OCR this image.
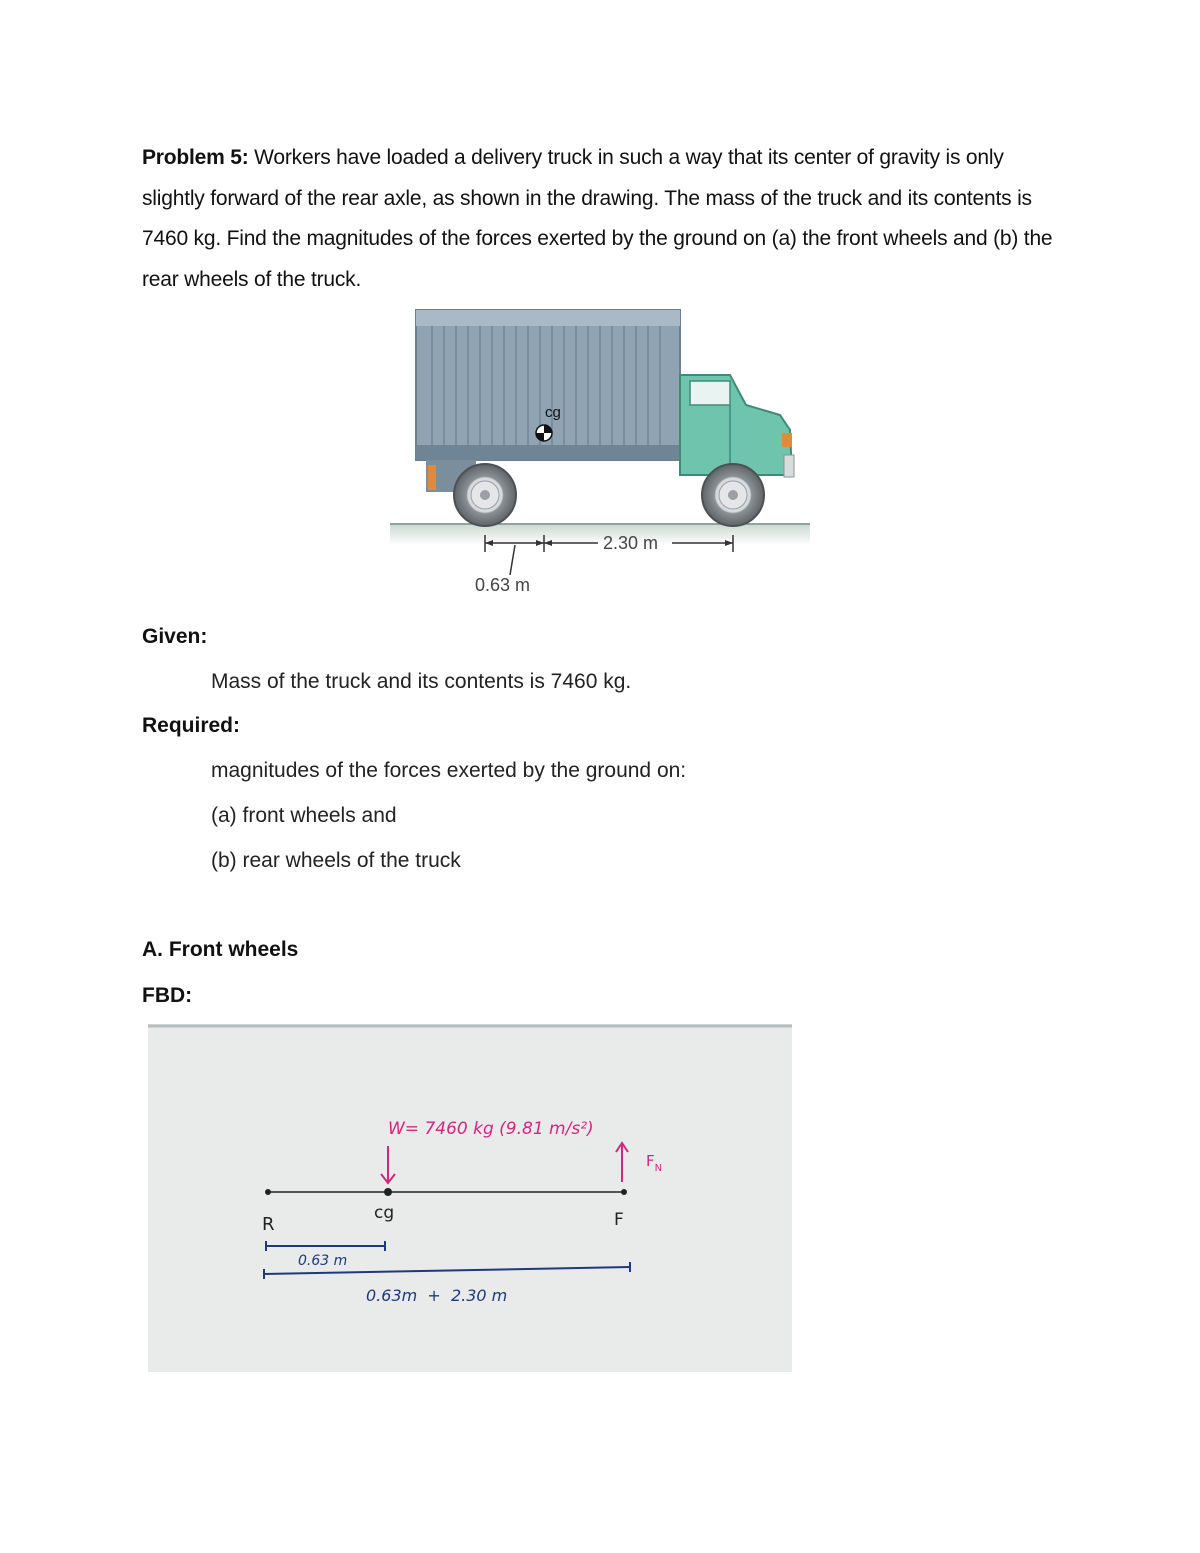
Problem 5: Workers have loaded a delivery truck in such a way that its center of gravity is only slightly forward of the rear axle, as shown in the drawing. The mass of the truck and its contents is 7460 kg. Find the magnitudes of the forces exerted by the ground on (a) the front wheels and (b) the rear wheels of the truck.
cg
2.30 m
0.63 m
Given:
Mass of the truck and its contents is 7460 kg.
Required:
magnitudes of the forces exerted by the ground on:
(a) front wheels and
(b) rear wheels of the truck
A. Front wheels
FBD:
W= 7460 kg (9.81 m/s²)
$F_N$
R
cg	F
0.63 m
0.63m  +  2.30 m
